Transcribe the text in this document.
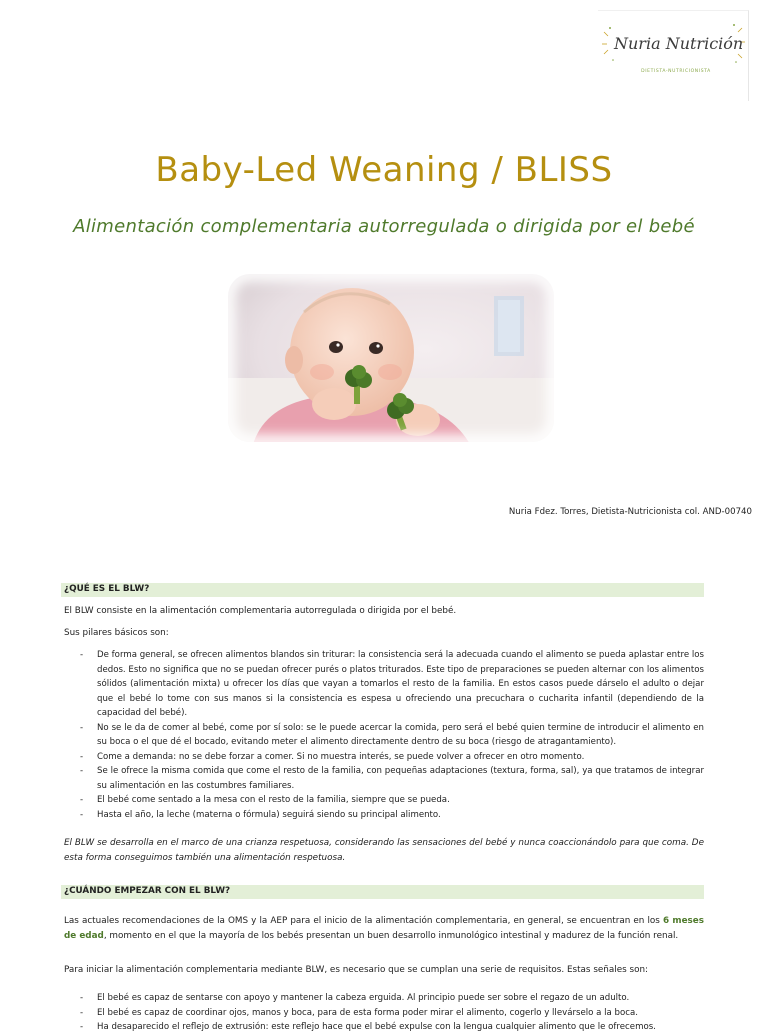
Nuria Nutrición
DIETISTA-NUTRICIONISTA
Baby-Led Weaning / BLISS
Alimentación complementaria autorregulada o dirigida por el bebé
Nuria Fdez. Torres, Dietista-Nutricionista col. AND-00740
¿QUÉ ES EL BLW?
El BLW consiste en la alimentación complementaria autorregulada o dirigida por el bebé.
Sus pilares básicos son:
- De forma general, se ofrecen alimentos blandos sin triturar: la consistencia será la adecuada cuando el alimento se pueda aplastar entre los dedos. Esto no significa que no se puedan ofrecer purés o platos triturados. Este tipo de preparaciones se pueden alternar con los alimentos sólidos (alimentación mixta) u ofrecer los días que vayan a tomarlos el resto de la familia. En estos casos puede dárselo el adulto o dejar que el bebé lo tome con sus manos si la consistencia es espesa u ofreciendo una precuchara o cucharita infantil (dependiendo de la capacidad del bebé).
- No se le da de comer al bebé, come por sí solo: se le puede acercar la comida, pero será el bebé quien termine de introducir el alimento en su boca o el que dé el bocado, evitando meter el alimento directamente dentro de su boca (riesgo de atragantamiento).
- Come a demanda: no se debe forzar a comer. Si no muestra interés, se puede volver a ofrecer en otro momento.
- Se le ofrece la misma comida que come el resto de la familia, con pequeñas adaptaciones (textura, forma, sal), ya que tratamos de integrar su alimentación en las costumbres familiares.
- El bebé come sentado a la mesa con el resto de la familia, siempre que se pueda.
- Hasta el año, la leche (materna o fórmula) seguirá siendo su principal alimento.
El BLW se desarrolla en el marco de una crianza respetuosa, considerando las sensaciones del bebé y nunca coaccionándolo para que coma. De esta forma conseguimos también una alimentación respetuosa.
¿CUÁNDO EMPEZAR CON EL BLW?
Las actuales recomendaciones de la OMS y la AEP para el inicio de la alimentación complementaria, en general, se encuentran en los 6 meses de edad, momento en el que la mayoría de los bebés presentan un buen desarrollo inmunológico intestinal y madurez de la función renal.
Para iniciar la alimentación complementaria mediante BLW, es necesario que se cumplan una serie de requisitos. Estas señales son:
- El bebé es capaz de sentarse con apoyo y mantener la cabeza erguida. Al principio puede ser sobre el regazo de un adulto.
- El bebé es capaz de coordinar ojos, manos y boca, para de esta forma poder mirar el alimento, cogerlo y llevárselo a la boca.
- Ha desaparecido el reflejo de extrusión: este reflejo hace que el bebé expulse con la lengua cualquier alimento que le ofrecemos.
